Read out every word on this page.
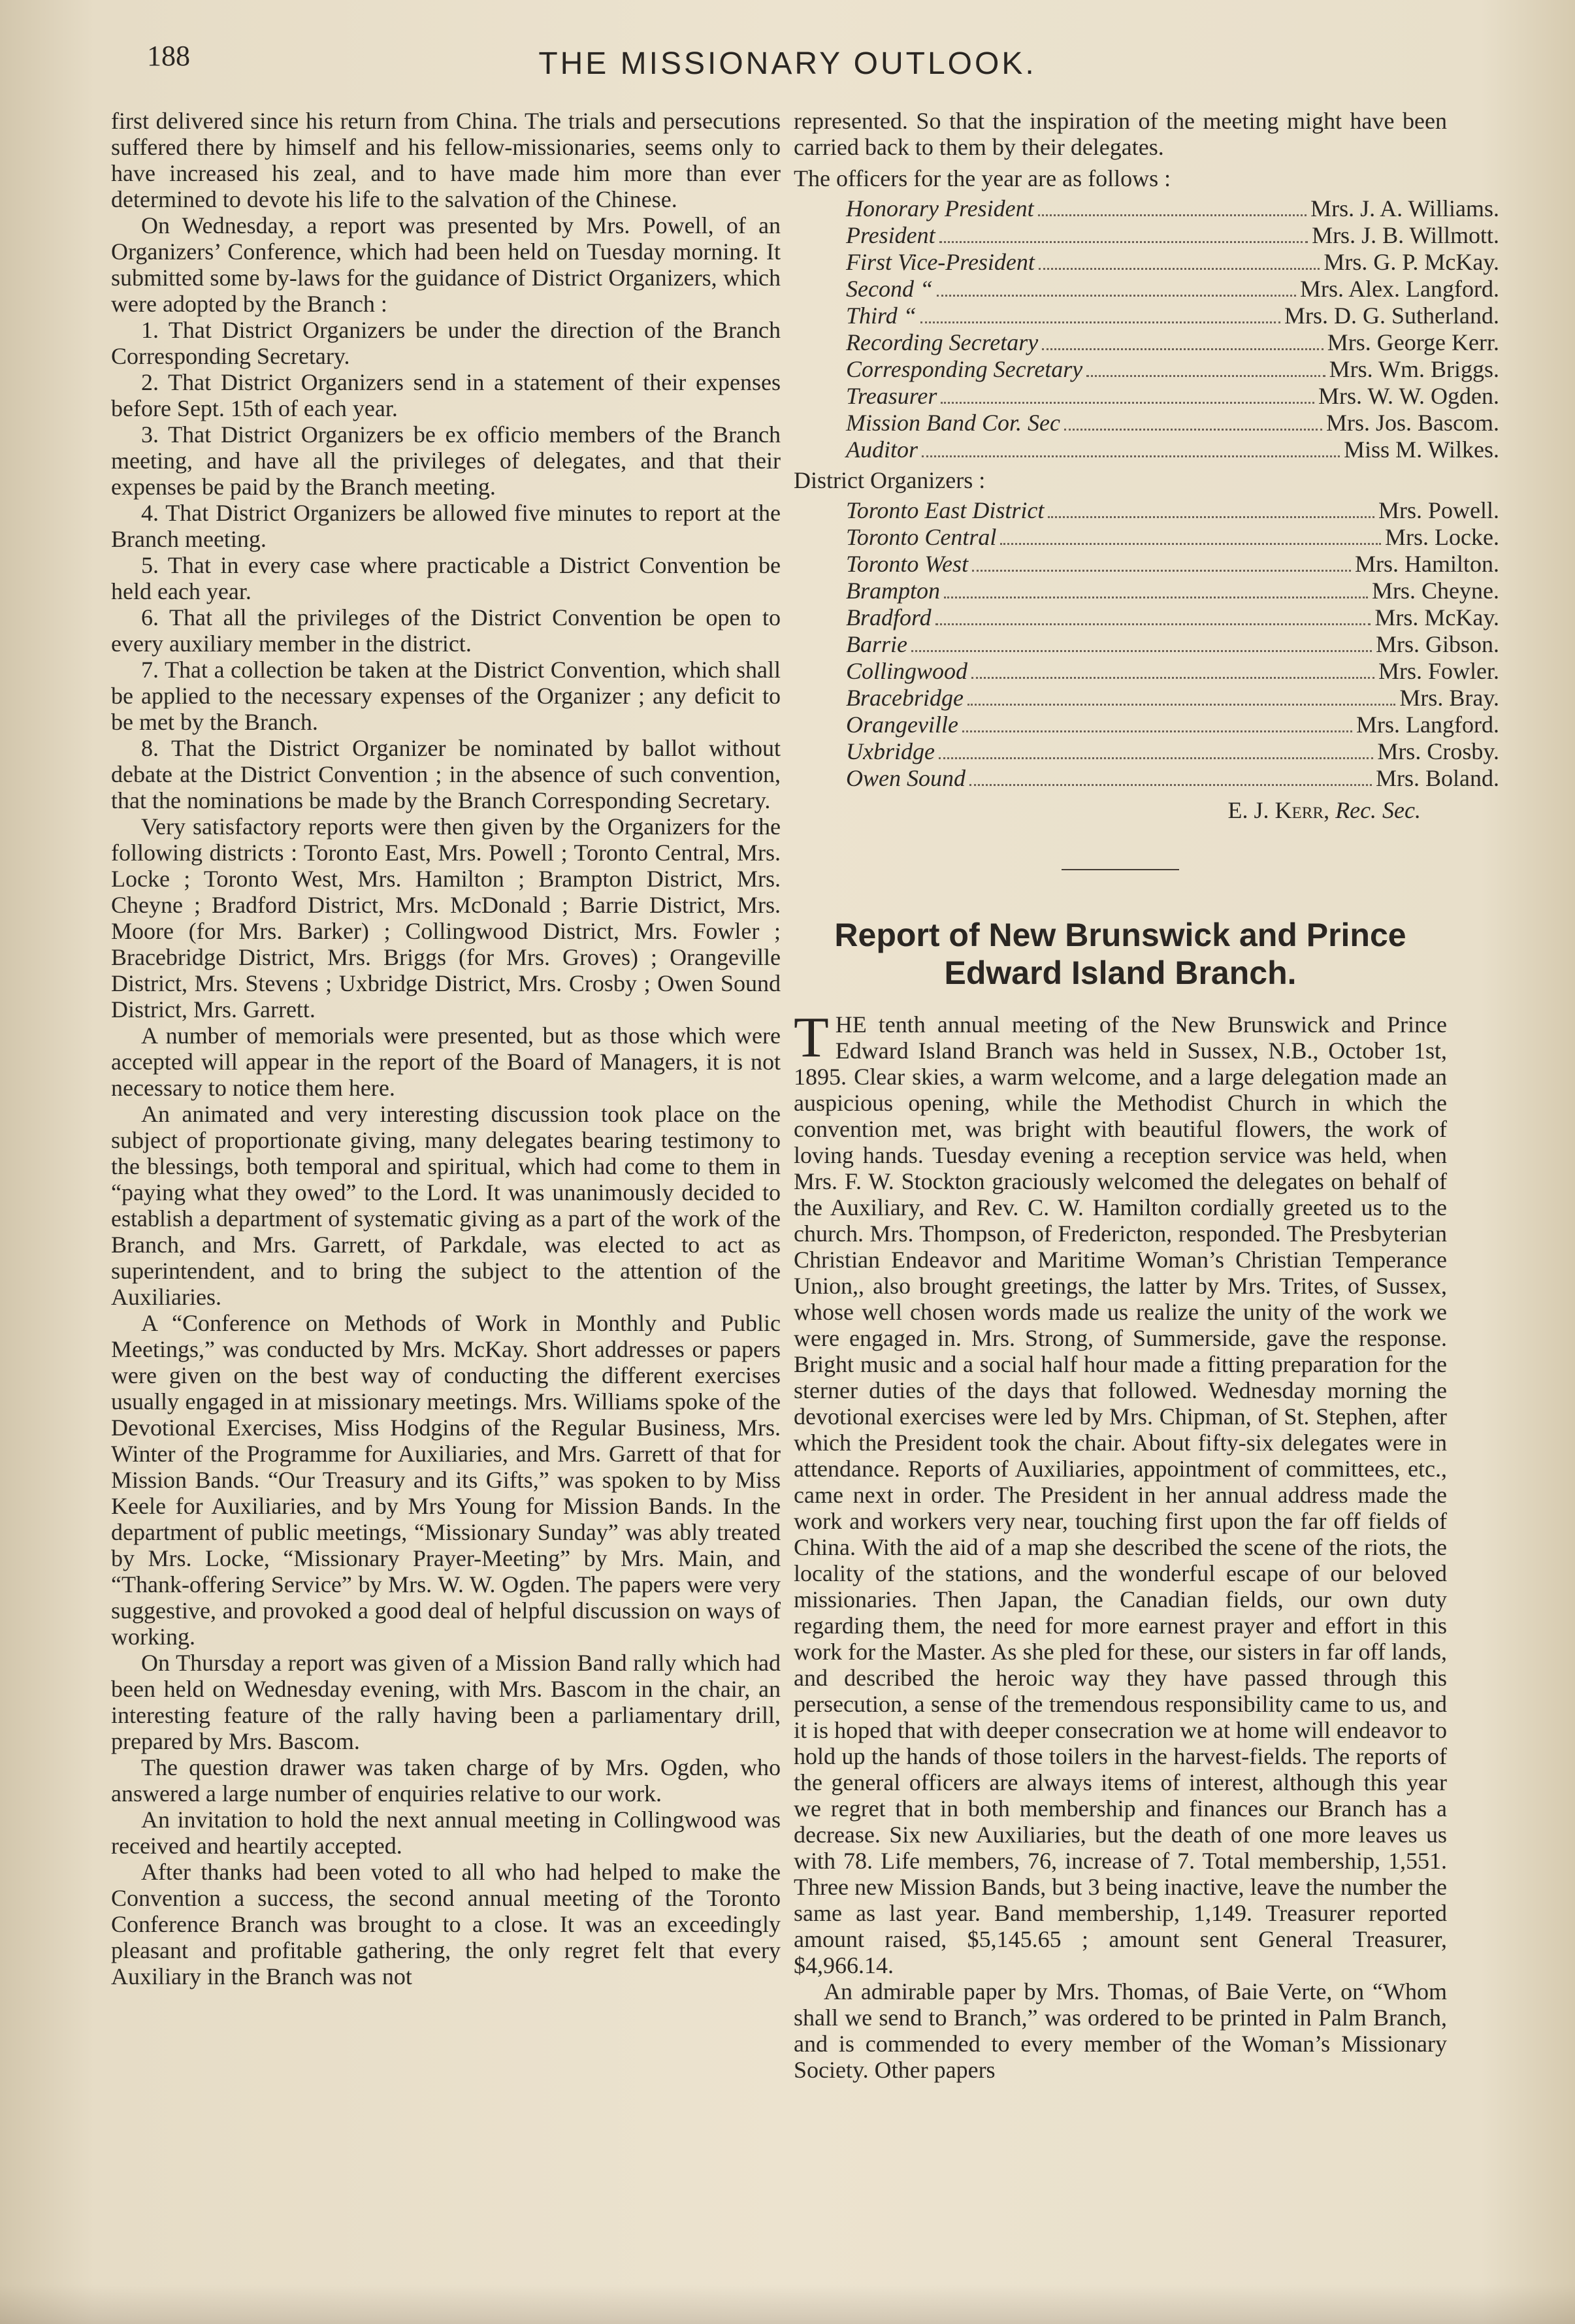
188	THE MISSIONARY OUTLOOK.

first delivered since his return from China. The trials and persecutions suffered there by himself and his fellow-missionaries, seems only to have increased his zeal, and to have made him more than ever determined to devote his life to the salvation of the Chinese.

On Wednesday, a report was presented by Mrs. Powell, of an Organizers’ Conference, which had been held on Tuesday morning. It submitted some by-laws for the guidance of District Organizers, which were adopted by the Branch :

1. That District Organizers be under the direction of the Branch Corresponding Secretary.

2. That District Organizers send in a statement of their expenses before Sept. 15th of each year.

3. That District Organizers be ex officio members of the Branch meeting, and have all the privileges of delegates, and that their expenses be paid by the Branch meeting.

4. That District Organizers be allowed five minutes to report at the Branch meeting.

5. That in every case where practicable a District Convention be held each year.

6. That all the privileges of the District Convention be open to every auxiliary member in the district.

7. That a collection be taken at the District Convention, which shall be applied to the necessary expenses of the Organizer ; any deficit to be met by the Branch.

8. That the District Organizer be nominated by ballot without debate at the District Convention ; in the absence of such convention, that the nominations be made by the Branch Corresponding Secretary.

Very satisfactory reports were then given by the Organizers for the following districts : Toronto East, Mrs. Powell ; Toronto Central, Mrs. Locke ; Toronto West, Mrs. Hamilton ; Brampton District, Mrs. Cheyne ; Bradford District, Mrs. McDonald ; Barrie District, Mrs. Moore (for Mrs. Barker) ; Collingwood District, Mrs. Fowler ; Bracebridge District, Mrs. Briggs (for Mrs. Groves) ; Orangeville District, Mrs. Stevens ; Uxbridge District, Mrs. Crosby ; Owen Sound District, Mrs. Garrett.

A number of memorials were presented, but as those which were accepted will appear in the report of the Board of Managers, it is not necessary to notice them here.

An animated and very interesting discussion took place on the subject of proportionate giving, many delegates bearing testimony to the blessings, both temporal and spiritual, which had come to them in “paying what they owed” to the Lord. It was unanimously decided to establish a department of systematic giving as a part of the work of the Branch, and Mrs. Garrett, of Parkdale, was elected to act as superintendent, and to bring the subject to the attention of the Auxiliaries.

A “Conference on Methods of Work in Monthly and Public Meetings,” was conducted by Mrs. McKay. Short addresses or papers were given on the best way of conducting the different exercises usually engaged in at missionary meetings. Mrs. Williams spoke of the Devotional Exercises, Miss Hodgins of the Regular Business, Mrs. Winter of the Programme for Auxiliaries, and Mrs. Garrett of that for Mission Bands. “Our Treasury and its Gifts,” was spoken to by Miss Keele for Auxiliaries, and by Mrs Young for Mission Bands. In the department of public meetings, “Missionary Sunday” was ably treated by Mrs. Locke, “Missionary Prayer-Meeting” by Mrs. Main, and “Thank-offering Service” by Mrs. W. W. Ogden. The papers were very suggestive, and provoked a good deal of helpful discussion on ways of working.

On Thursday a report was given of a Mission Band rally which had been held on Wednesday evening, with Mrs. Bascom in the chair, an interesting feature of the rally having been a parliamentary drill, prepared by Mrs. Bascom.

The question drawer was taken charge of by Mrs. Ogden, who answered a large number of enquiries relative to our work.

An invitation to hold the next annual meeting in Collingwood was received and heartily accepted.

After thanks had been voted to all who had helped to make the Convention a success, the second annual meeting of the Toronto Conference Branch was brought to a close. It was an exceedingly pleasant and profitable gathering, the only regret felt that every Auxiliary in the Branch was not

represented. So that the inspiration of the meeting might have been carried back to them by their delegates.

The officers for the year are as follows :

Honorary President	Mrs. J. A. Williams.
President	Mrs. J. B. Willmott.
First Vice-President	Mrs. G. P. McKay.
Second “	Mrs. Alex. Langford.
Third “	Mrs. D. G. Sutherland.
Recording Secretary	Mrs. George Kerr.
Corresponding Secretary	Mrs. Wm. Briggs.
Treasurer	Mrs. W. W. Ogden.
Mission Band Cor. Sec	Mrs. Jos. Bascom.
Auditor	Miss M. Wilkes.

District Organizers :

Toronto East District	Mrs. Powell.
Toronto Central	Mrs. Locke.
Toronto West	Mrs. Hamilton.
Brampton	Mrs. Cheyne.
Bradford	Mrs. McKay.
Barrie	Mrs. Gibson.
Collingwood	Mrs. Fowler.
Bracebridge	Mrs. Bray.
Orangeville	Mrs. Langford.
Uxbridge	Mrs. Crosby.
Owen Sound	Mrs. Boland.

E. J. Kerr, Rec. Sec.

Report of New Brunswick and Prince Edward Island Branch.

THE tenth annual meeting of the New Brunswick and Prince Edward Island Branch was held in Sussex, N.B., October 1st, 1895. Clear skies, a warm welcome, and a large delegation made an auspicious opening, while the Methodist Church in which the convention met, was bright with beautiful flowers, the work of loving hands. Tuesday evening a reception service was held, when Mrs. F. W. Stockton graciously welcomed the delegates on behalf of the Auxiliary, and Rev. C. W. Hamilton cordially greeted us to the church. Mrs. Thompson, of Fredericton, responded. The Presbyterian Christian Endeavor and Maritime Woman’s Christian Temperance Union,, also brought greetings, the latter by Mrs. Trites, of Sussex, whose well chosen words made us realize the unity of the work we were engaged in. Mrs. Strong, of Summerside, gave the response. Bright music and a social half hour made a fitting preparation for the sterner duties of the days that followed. Wednesday morning the devotional exercises were led by Mrs. Chipman, of St. Stephen, after which the President took the chair. About fifty-six delegates were in attendance. Reports of Auxiliaries, appointment of committees, etc., came next in order. The President in her annual address made the work and workers very near, touching first upon the far off fields of China. With the aid of a map she described the scene of the riots, the locality of the stations, and the wonderful escape of our beloved missionaries. Then Japan, the Canadian fields, our own duty regarding them, the need for more earnest prayer and effort in this work for the Master. As she pled for these, our sisters in far off lands, and described the heroic way they have passed through this persecution, a sense of the tremendous responsibility came to us, and it is hoped that with deeper consecration we at home will endeavor to hold up the hands of those toilers in the harvest-fields. The reports of the general officers are always items of interest, although this year we regret that in both membership and finances our Branch has a decrease. Six new Auxiliaries, but the death of one more leaves us with 78. Life members, 76, increase of 7. Total membership, 1,551. Three new Mission Bands, but 3 being inactive, leave the number the same as last year. Band membership, 1,149. Treasurer reported amount raised, $5,145.65 ; amount sent General Treasurer, $4,966.14.

An admirable paper by Mrs. Thomas, of Baie Verte, on “Whom shall we send to Branch,” was ordered to be printed in Palm Branch, and is commended to every member of the Woman’s Missionary Society. Other papers
